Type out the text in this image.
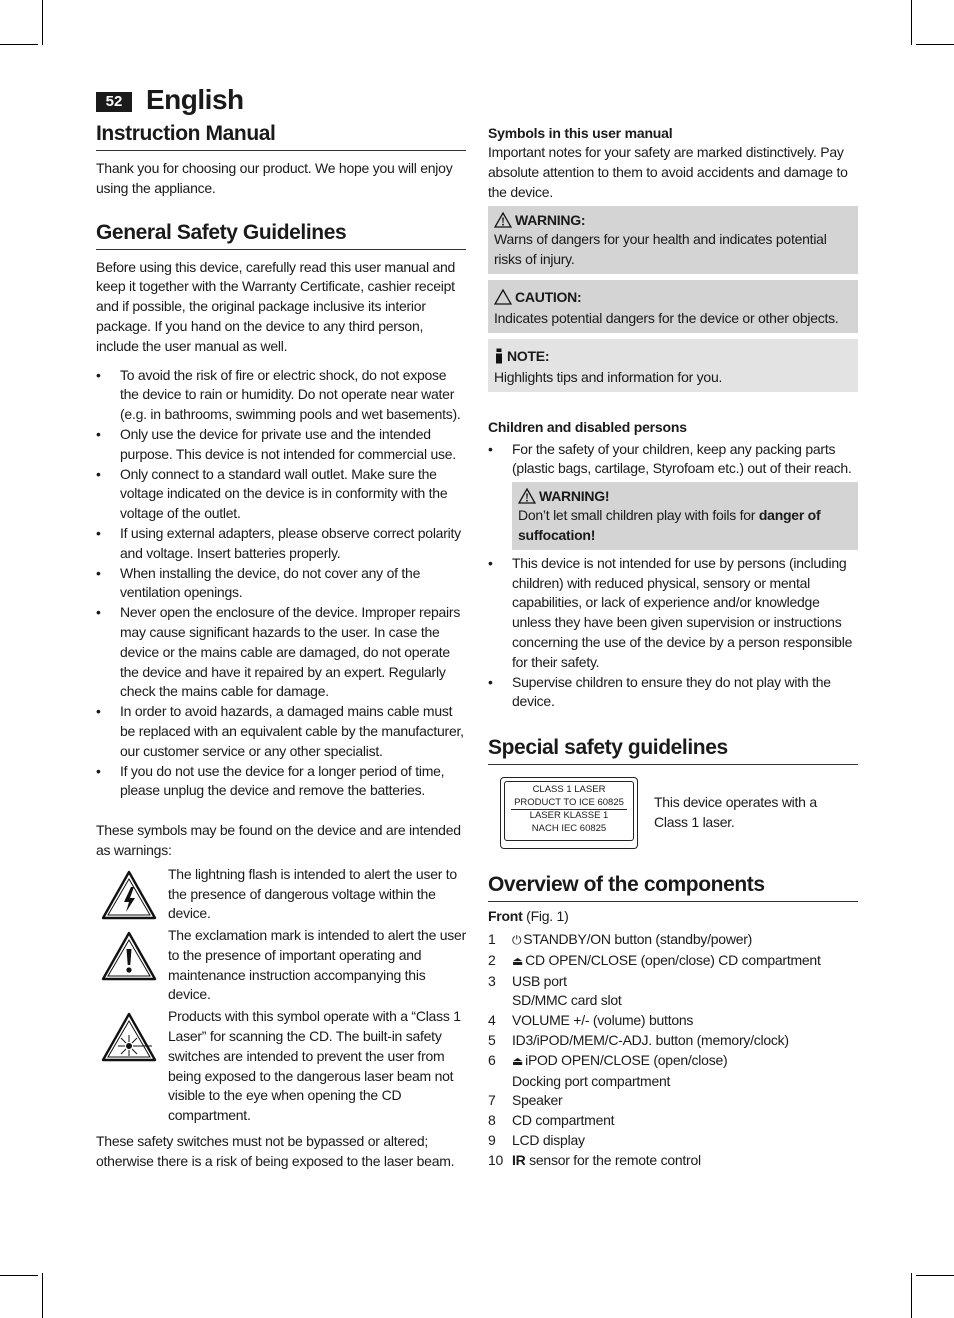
52 English
Instruction Manual

Thank you for choosing our product. We hope you will enjoy using the appliance.

General Safety Guidelines

Before using this device, carefully read this user manual and keep it together with the Warranty Certificate, cashier receipt and if possible, the original package inclusive its interior package. If you hand on the device to any third person, include the user manual as well.

• To avoid the risk of fire or electric shock, do not expose the device to rain or humidity. Do not operate near water (e.g. in bathrooms, swimming pools and wet basements).
• Only use the device for private use and the intended purpose. This device is not intended for commercial use.
• Only connect to a standard wall outlet. Make sure the voltage indicated on the device is in conformity with the voltage of the outlet.
• If using external adapters, please observe correct polarity and voltage. Insert batteries properly.
• When installing the device, do not cover any of the ventilation openings.
• Never open the enclosure of the device. Improper repairs may cause significant hazards to the user. In case the device or the mains cable are damaged, do not operate the device and have it repaired by an expert. Regularly check the mains cable for damage.
• In order to avoid hazards, a damaged mains cable must be replaced with an equivalent cable by the manufacturer, our customer service or any other specialist.
• If you do not use the device for a longer period of time, please unplug the device and remove the batteries.

These symbols may be found on the device and are intended as warnings:

The lightning flash is intended to alert the user to the presence of dangerous voltage within the device.

The exclamation mark is intended to alert the user to the presence of important operating and maintenance instruction accompanying this device.

Products with this symbol operate with a “Class 1 Laser” for scanning the CD. The built-in safety switches are intended to prevent the user from being exposed to the dangerous laser beam not visible to the eye when opening the CD compartment.

These safety switches must not be bypassed or altered; otherwise there is a risk of being exposed to the laser beam.

Symbols in this user manual

Important notes for your safety are marked distinctively. Pay absolute attention to them to avoid accidents and damage to the device.

WARNING:

Warns of dangers for your health and indicates potential risks of injury.

CAUTION:

Indicates potential dangers for the device or other objects.

NOTE:

Highlights tips and information for you.

Children and disabled persons
• For the safety of your children, keep any packing parts (plastic bags, cartilage, Styrofoam etc.) out of their reach.
WARNING!

Don’t let small children play with foils for danger of suffocation!

• This device is not intended for use by persons (including children) with reduced physical, sensory or mental capabilities, or lack of experience and/or knowledge unless they have been given supervision or instructions concerning the use of the device by a person responsible for their safety.
• Supervise children to ensure they do not play with the device.
Special safety guidelines
CLASS 1 LASER
PRODUCT TO ICE 60825
LASER KLASSE 1
NACH IEC 60825

This device operates with a Class 1 laser.

Overview of the components

Front (Fig. 1)

1 ⏻ STANDBY/ON button (standby/power)
2 ⏏ CD OPEN/CLOSE (open/close) CD compartment
3 USB port
SD/MMC card slot
4 VOLUME +/- (volume) buttons
5 ID3/iPOD/MEM/C-ADJ. button (memory/clock)
6 ⏏ iPOD OPEN/CLOSE (open/close)
Docking port compartment
7 Speaker
8 CD compartment
9 LCD display
10 IR sensor for the remote control
